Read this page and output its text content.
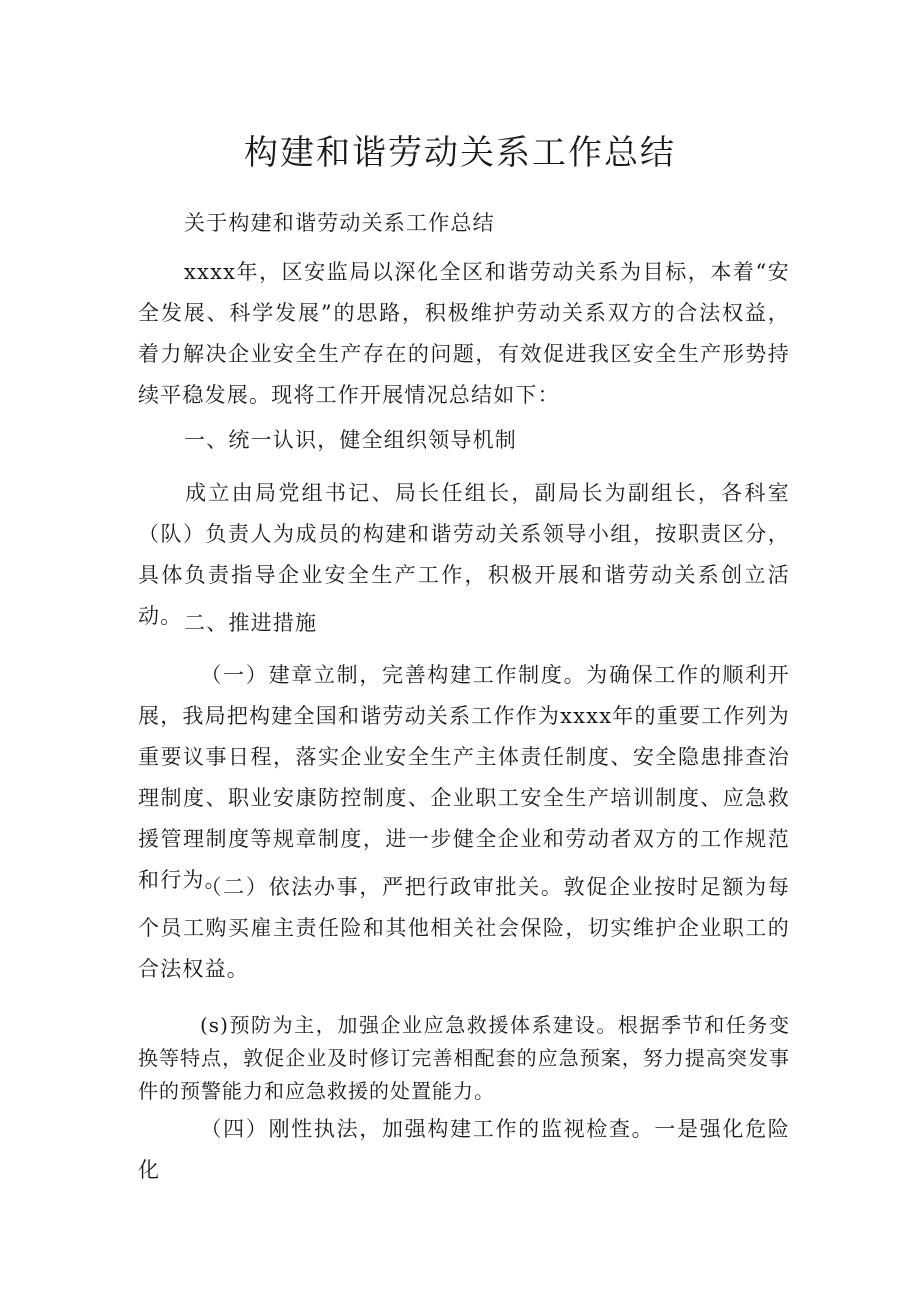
构建和谐劳动关系工作总结

关于构建和谐劳动关系工作总结

xxxx年，区安监局以深化全区和谐劳动关系为目标，本着“安全发展、科学发展”的思路，积极维护劳动关系双方的合法权益，着力解决企业安全生产存在的问题，有效促进我区安全生产形势持续平稳发展。现将工作开展情况总结如下：

一、统一认识，健全组织领导机制

成立由局党组书记、局长任组长，副局长为副组长，各科室（队）负责人为成员的构建和谐劳动关系领导小组，按职责区分，具体负责指导企业安全生产工作，积极开展和谐劳动关系创立活动。 二、推进措施

（一）建章立制，完善构建工作制度。为确保工作的顺利开展，我局把构建全国和谐劳动关系工作作为xxxx年的重要工作列为重要议事日程，落实企业安全生产主体责任制度、安全隐患排查治理制度、职业安康防控制度、企业职工安全生产培训制度、应急救援管理制度等规章制度，进一步健全企业和劳动者双方的工作规范和行为。

（二）依法办事，严把行政审批关。敦促企业按时足额为每个员工购买雇主责任险和其他相关社会保险，切实维护企业职工的合法权益。

(s)预防为主，加强企业应急救援体系建设。根据季节和任务变换等特点，敦促企业及时修订完善相配套的应急预案，努力提高突发事件的预警能力和应急救援的处置能力。

（四）刚性执法，加强构建工作的监视检查。一是强化危险化
